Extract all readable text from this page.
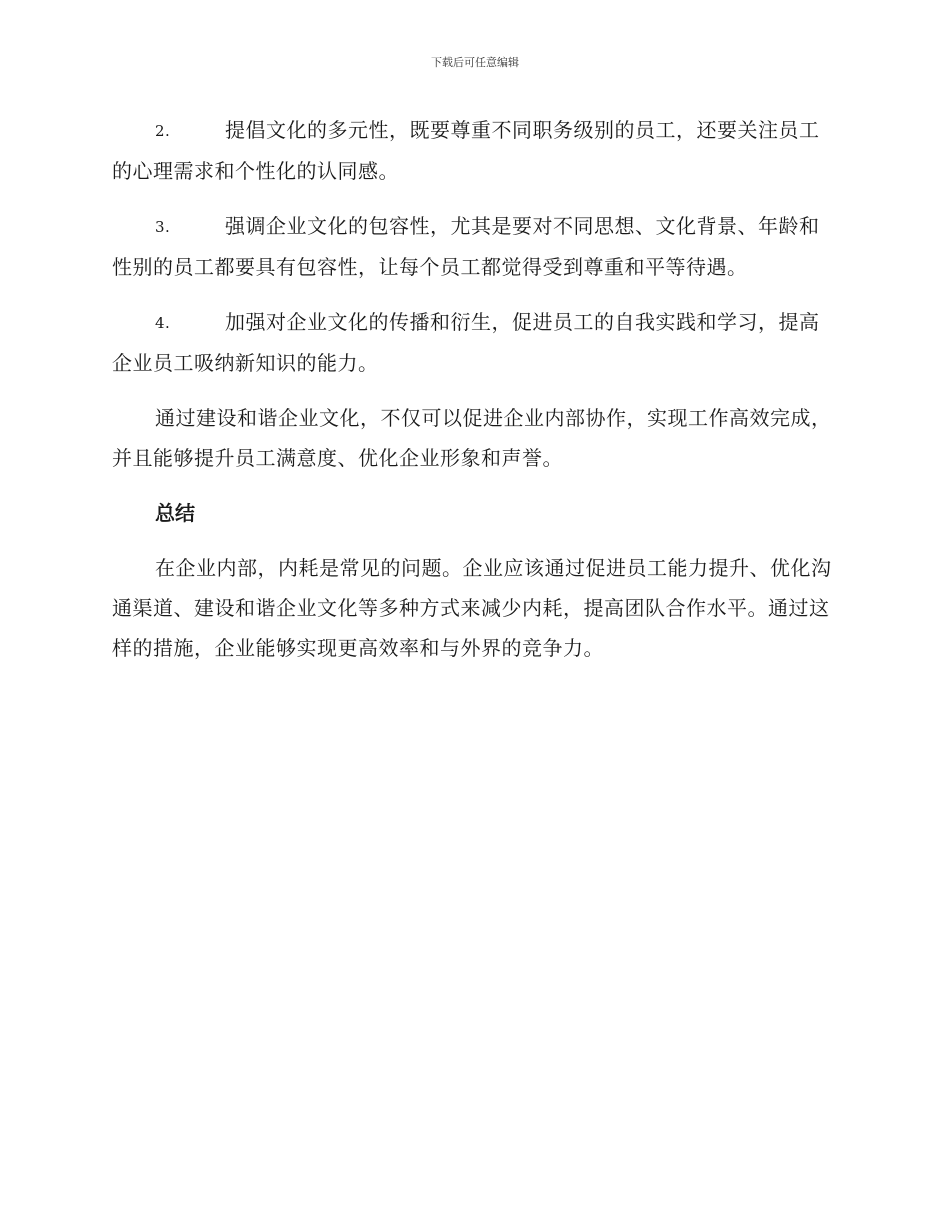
下载后可任意编辑

2.	提倡文化的多元性，既要尊重不同职务级别的员工，还要关注员工的心理需求和个性化的认同感。

3.	强调企业文化的包容性，尤其是要对不同思想、文化背景、年龄和性别的员工都要具有包容性，让每个员工都觉得受到尊重和平等待遇。

4.	加强对企业文化的传播和衍生，促进员工的自我实践和学习，提高企业员工吸纳新知识的能力。

通过建设和谐企业文化，不仅可以促进企业内部协作，实现工作高效完成，并且能够提升员工满意度、优化企业形象和声誉。

总结

在企业内部，内耗是常见的问题。企业应该通过促进员工能力提升、优化沟通渠道、建设和谐企业文化等多种方式来减少内耗，提高团队合作水平。通过这样的措施，企业能够实现更高效率和与外界的竞争力。
